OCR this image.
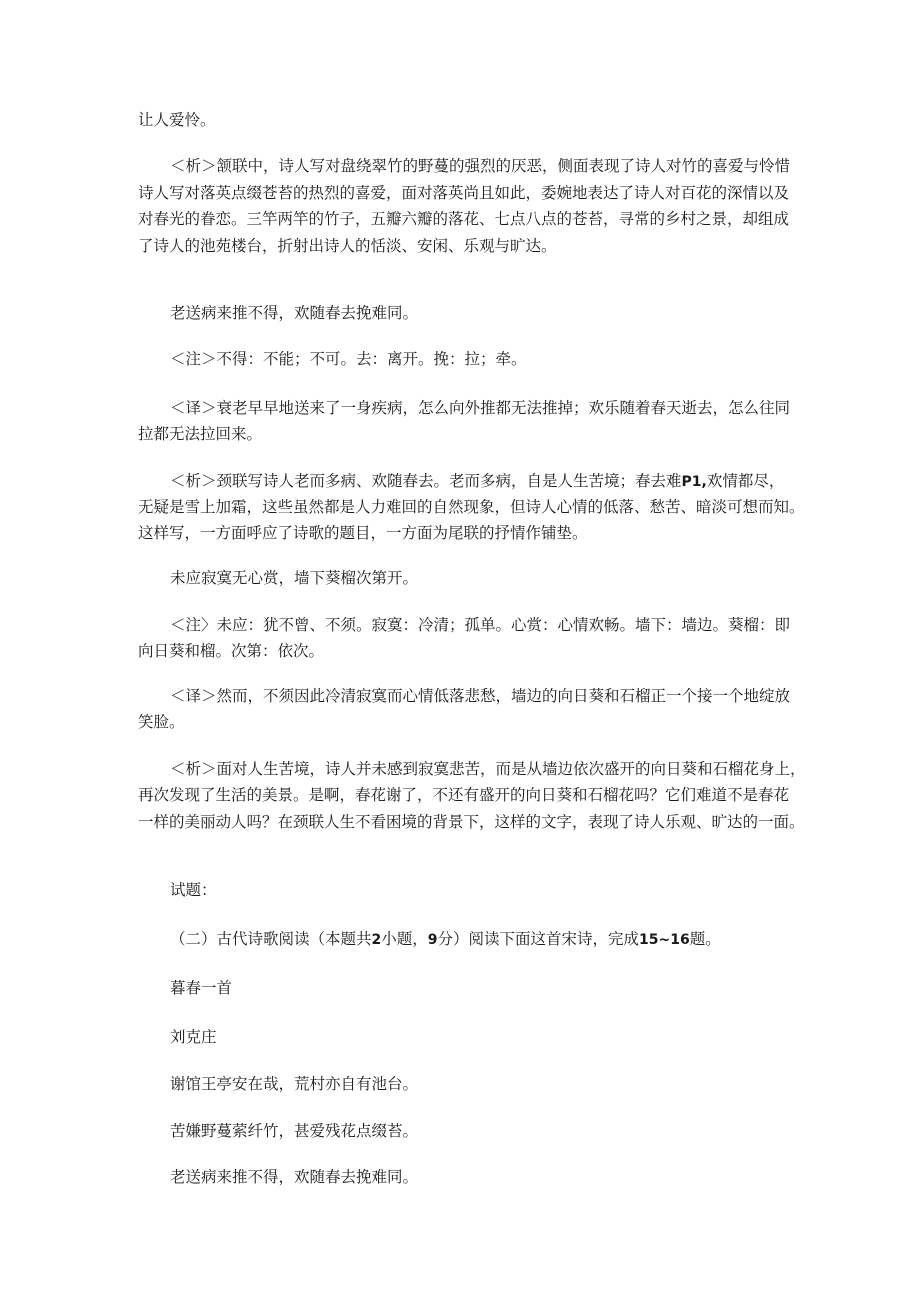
让人爱怜。
＜析＞颔联中，诗人写对盘绕翠竹的野蔓的强烈的厌恶，侧面表现了诗人对竹的喜爱与怜惜
诗人写对落英点缀苍苔的热烈的喜爱，面对落英尚且如此，委婉地表达了诗人对百花的深情以及
对春光的眷恋。三竿两竿的竹子，五瓣六瓣的落花、七点八点的苍苔，寻常的乡村之景，却组成
了诗人的池苑楼台，折射出诗人的恬淡、安闲、乐观与旷达。
老送病来推不得，欢随春去挽难同。
＜注＞不得：不能；不可。去：离开。挽：拉；牵。
＜译＞衰老早早地送来了一身疾病，怎么向外推都无法推掉；欢乐随着春天逝去，怎么往同
拉都无法拉回来。
＜析＞颈联写诗人老而多病、欢随春去。老而多病，自是人生苦境；春去难P1,欢情都尽，
无疑是雪上加霜，这些虽然都是人力难回的自然现象，但诗人心情的低落、愁苦、暗淡可想而知。
这样写，一方面呼应了诗歌的题目，一方面为尾联的抒情作铺垫。
未应寂寞无心赏，墙下葵榴次第开。
＜注〉未应：犹不曾、不须。寂寞：冷清；孤单。心赏：心情欢畅。墙下：墙边。葵榴：即
向日葵和榴。次第：依次。
＜译＞然而，不须因此冷清寂寞而心情低落悲愁，墙边的向日葵和石榴正一个接一个地绽放
笑脸。
＜析＞面对人生苦境，诗人并未感到寂寞悲苦，而是从墙边依次盛开的向日葵和石榴花身上，
再次发现了生活的美景。是啊，春花谢了，不还有盛开的向日葵和石榴花吗？它们难道不是春花
一样的美丽动人吗？在颈联人生不看困境的背景下，这样的文字，表现了诗人乐观、旷达的一面。
试题：
（二）古代诗歌阅读（本题共2小题，9分）阅读下面这首宋诗，完成15~16题。
暮春一首
刘克庄
谢馆王亭安在哉，荒村亦自有池台。
苦嫌野蔓萦纤竹，甚爱残花点缀苔。
老送病来推不得，欢随春去挽难同。
